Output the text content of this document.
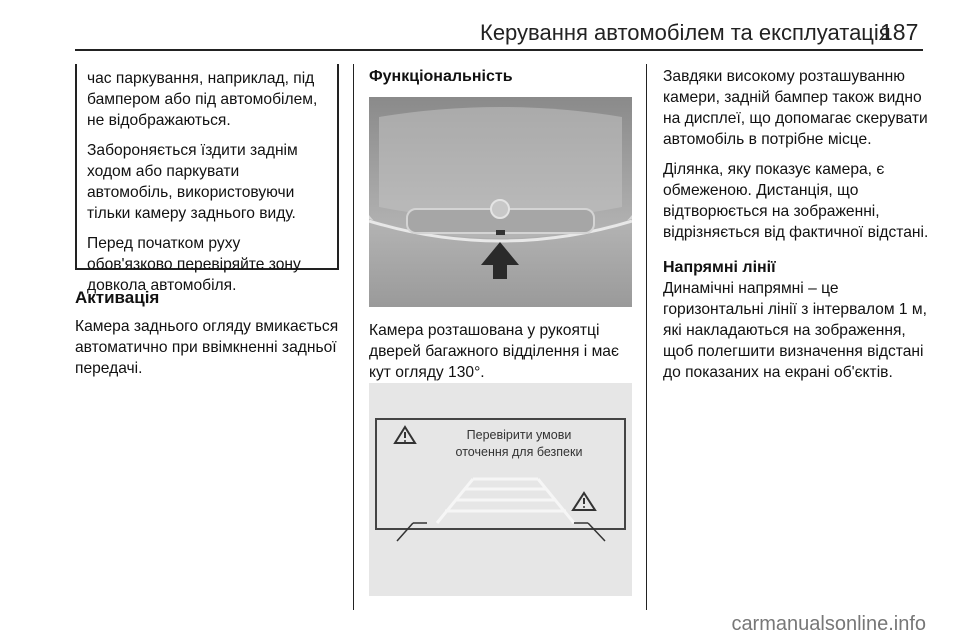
Керування автомобілем та експлуатація
187

час паркування, наприклад, під бампером або під автомобілем, не відображаються.

Забороняється їздити заднім ходом або паркувати автомобіль, використовуючи тільки камеру заднього виду.

Перед початком руху обов'язково перевіряйте зону довкола автомобіля.

Активація

Камера заднього огляду вмикається автоматично при ввімкненні задньої передачі.

Функціональність
Камера розташована у рукоятці дверей багажного відділення і має кут огляду 130°.
Перевірити умови
оточення для безпеки

Завдяки високому розташуванню камери, задній бампер також видно на дисплеї, що допомагає скерувати автомобіль в потрібне місце.

Ділянка, яку показує камера, є обмеженою. Дистанція, що відтворюється на зображенні, відрізняється від фактичної відстані.

Напрямні лінії

Динамічні напрямні – це горизонтальні лінії з інтервалом 1 м, які накладаються на зображення, щоб полегшити визначення відстані до показаних на екрані об'єктів.

carmanualsonline.info
